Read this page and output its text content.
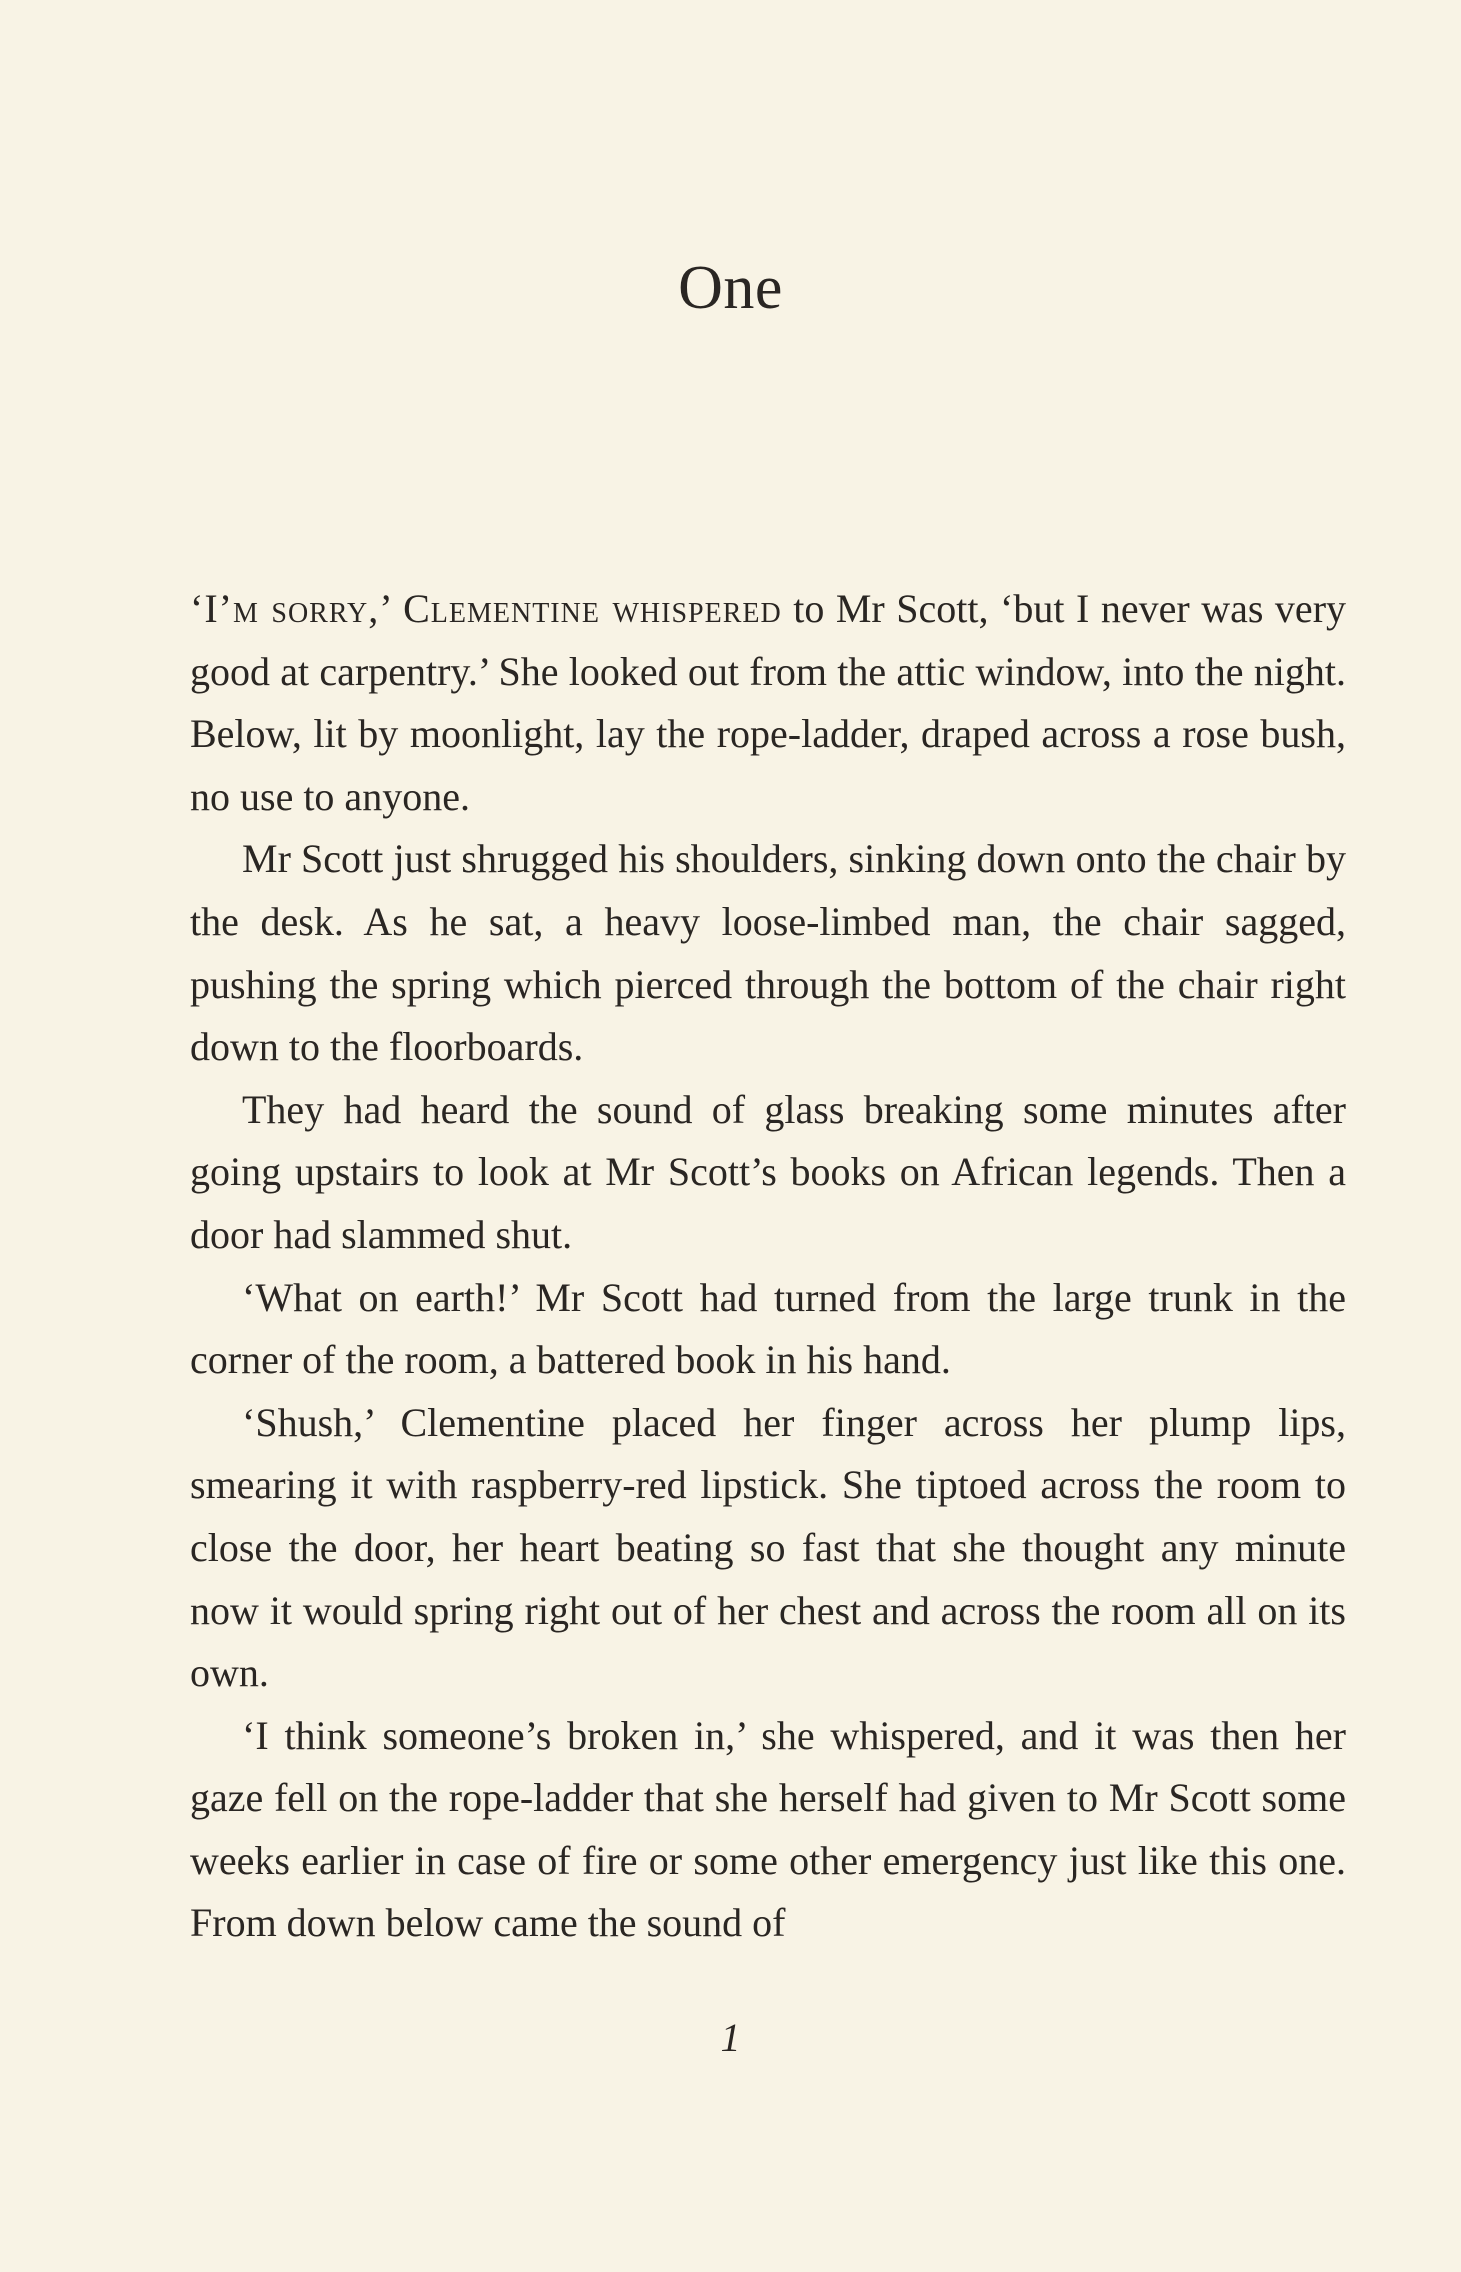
One

‘I’m sorry,’ Clementine whispered to Mr Scott, ‘but I never was very good at carpentry.’ She looked out from the attic window, into the night. Below, lit by moonlight, lay the rope-ladder, draped across a rose bush, no use to anyone.

Mr Scott just shrugged his shoulders, sinking down onto the chair by the desk. As he sat, a heavy loose-limbed man, the chair sagged, pushing the spring which pierced through the bottom of the chair right down to the floorboards.

They had heard the sound of glass breaking some minutes after going upstairs to look at Mr Scott’s books on African legends. Then a door had slammed shut.

‘What on earth!’ Mr Scott had turned from the large trunk in the corner of the room, a battered book in his hand.

‘Shush,’ Clementine placed her finger across her plump lips, smearing it with raspberry-red lipstick. She tiptoed across the room to close the door, her heart beating so fast that she thought any minute now it would spring right out of her chest and across the room all on its own.

‘I think someone’s broken in,’ she whispered, and it was then her gaze fell on the rope-ladder that she herself had given to Mr Scott some weeks earlier in case of fire or some other emergency just like this one. From down below came the sound of

1
